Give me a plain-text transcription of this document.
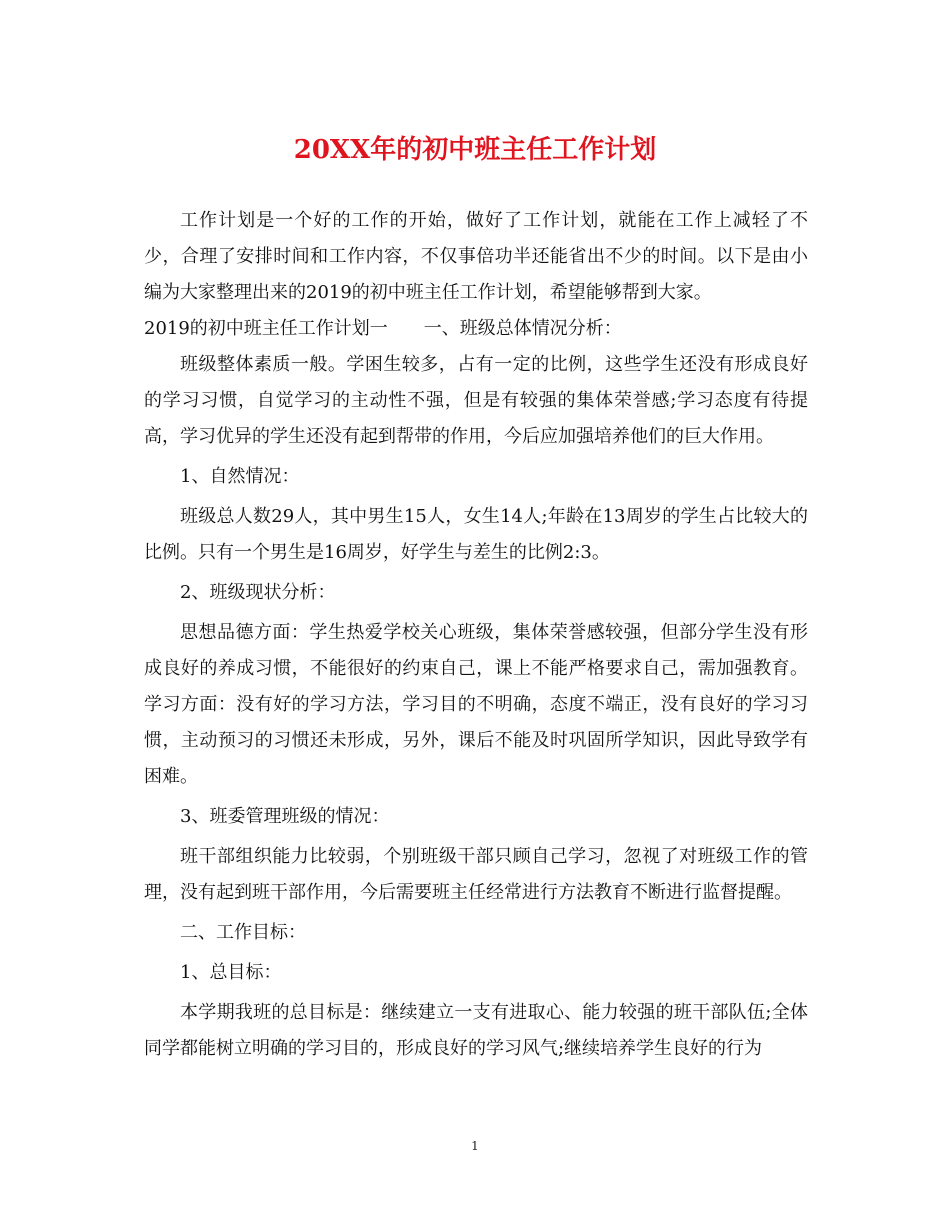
20XX年的初中班主任工作计划

工作计划是一个好的工作的开始，做好了工作计划，就能在工作上减轻了不少，合理了安排时间和工作内容，不仅事倍功半还能省出不少的时间。以下是由小编为大家整理出来的2019的初中班主任工作计划，希望能够帮到大家。

2019的初中班主任工作计划一　　一、班级总体情况分析：

班级整体素质一般。学困生较多，占有一定的比例，这些学生还没有形成良好的学习习惯，自觉学习的主动性不强，但是有较强的集体荣誉感;学习态度有待提高，学习优异的学生还没有起到帮带的作用，今后应加强培养他们的巨大作用。

1、自然情况：

班级总人数29人，其中男生15人，女生14人;年龄在13周岁的学生占比较大的比例。只有一个男生是16周岁，好学生与差生的比例2:3。

2、班级现状分析：

思想品德方面：学生热爱学校关心班级，集体荣誉感较强，但部分学生没有形成良好的养成习惯，不能很好的约束自己，课上不能严格要求自己，需加强教育。学习方面：没有好的学习方法，学习目的不明确，态度不端正，没有良好的学习习惯，主动预习的习惯还未形成，另外，课后不能及时巩固所学知识，因此导致学有困难。

3、班委管理班级的情况：

班干部组织能力比较弱，个别班级干部只顾自己学习，忽视了对班级工作的管理，没有起到班干部作用，今后需要班主任经常进行方法教育不断进行监督提醒。

二、工作目标：

1、总目标：

本学期我班的总目标是：继续建立一支有进取心、能力较强的班干部队伍;全体同学都能树立明确的学习目的，形成良好的学习风气;继续培养学生良好的行为

1
